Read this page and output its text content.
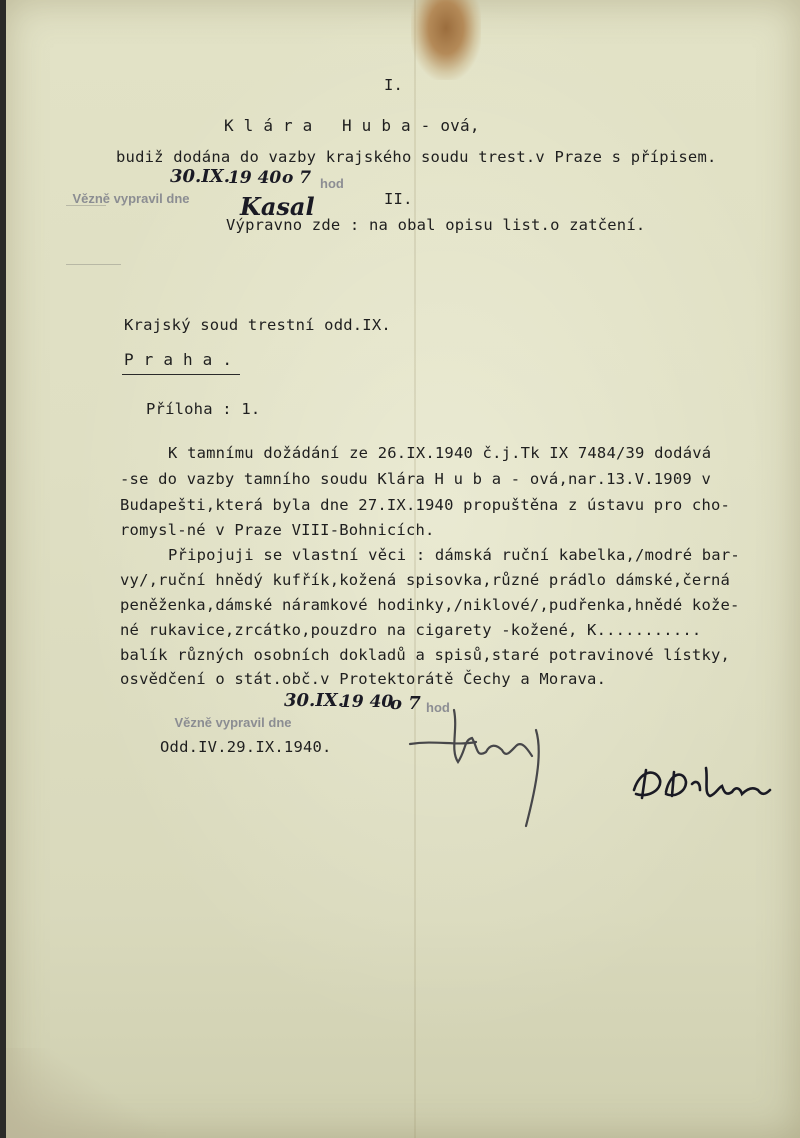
I.
K l á r a   H u b a - ová,
budiž dodána do vazby krajského soudu trest.v Praze s přípisem.

Vězně vypravil dne

30.IX.
19 40 o 7 hod
Kasal	II.
Výpravno zde : na obal opisu list.o zatčení.
Krajský soud trestní odd.IX.
P r a h a .
Příloha : 1.
K tamnímu dožádání ze 26.IX.1940 č.j.Tk IX 7484/39 dodává
-se do vazby tamního soudu Klára H u b a - ová,nar.13.V.1909 v
Budapešti,která byla dne 27.IX.1940 propuštěna z ústavu pro cho-
romysl-né v Praze VIII-Bohnicích.
Připojuji se vlastní věci : dámská ruční kabelka,/modré bar-
vy/,ruční hnědý kufřík,kožená spisovka,různé prádlo dámské,černá
peněženka,dámské náramkové hodinky,/niklové/,pudřenka,hnědé kože-
né rukavice,zrcátko,pouzdro na cigarety -kožené, K...........
balík různých osobních dokladů a spisů,staré potravinové lístky,
osvědčení o stát.obč.v Protektorátě Čechy a Morava.

Vězně vypravil dne

30.IX.
19 40
o 7 hod
Odd.IV.29.IX.1940.
